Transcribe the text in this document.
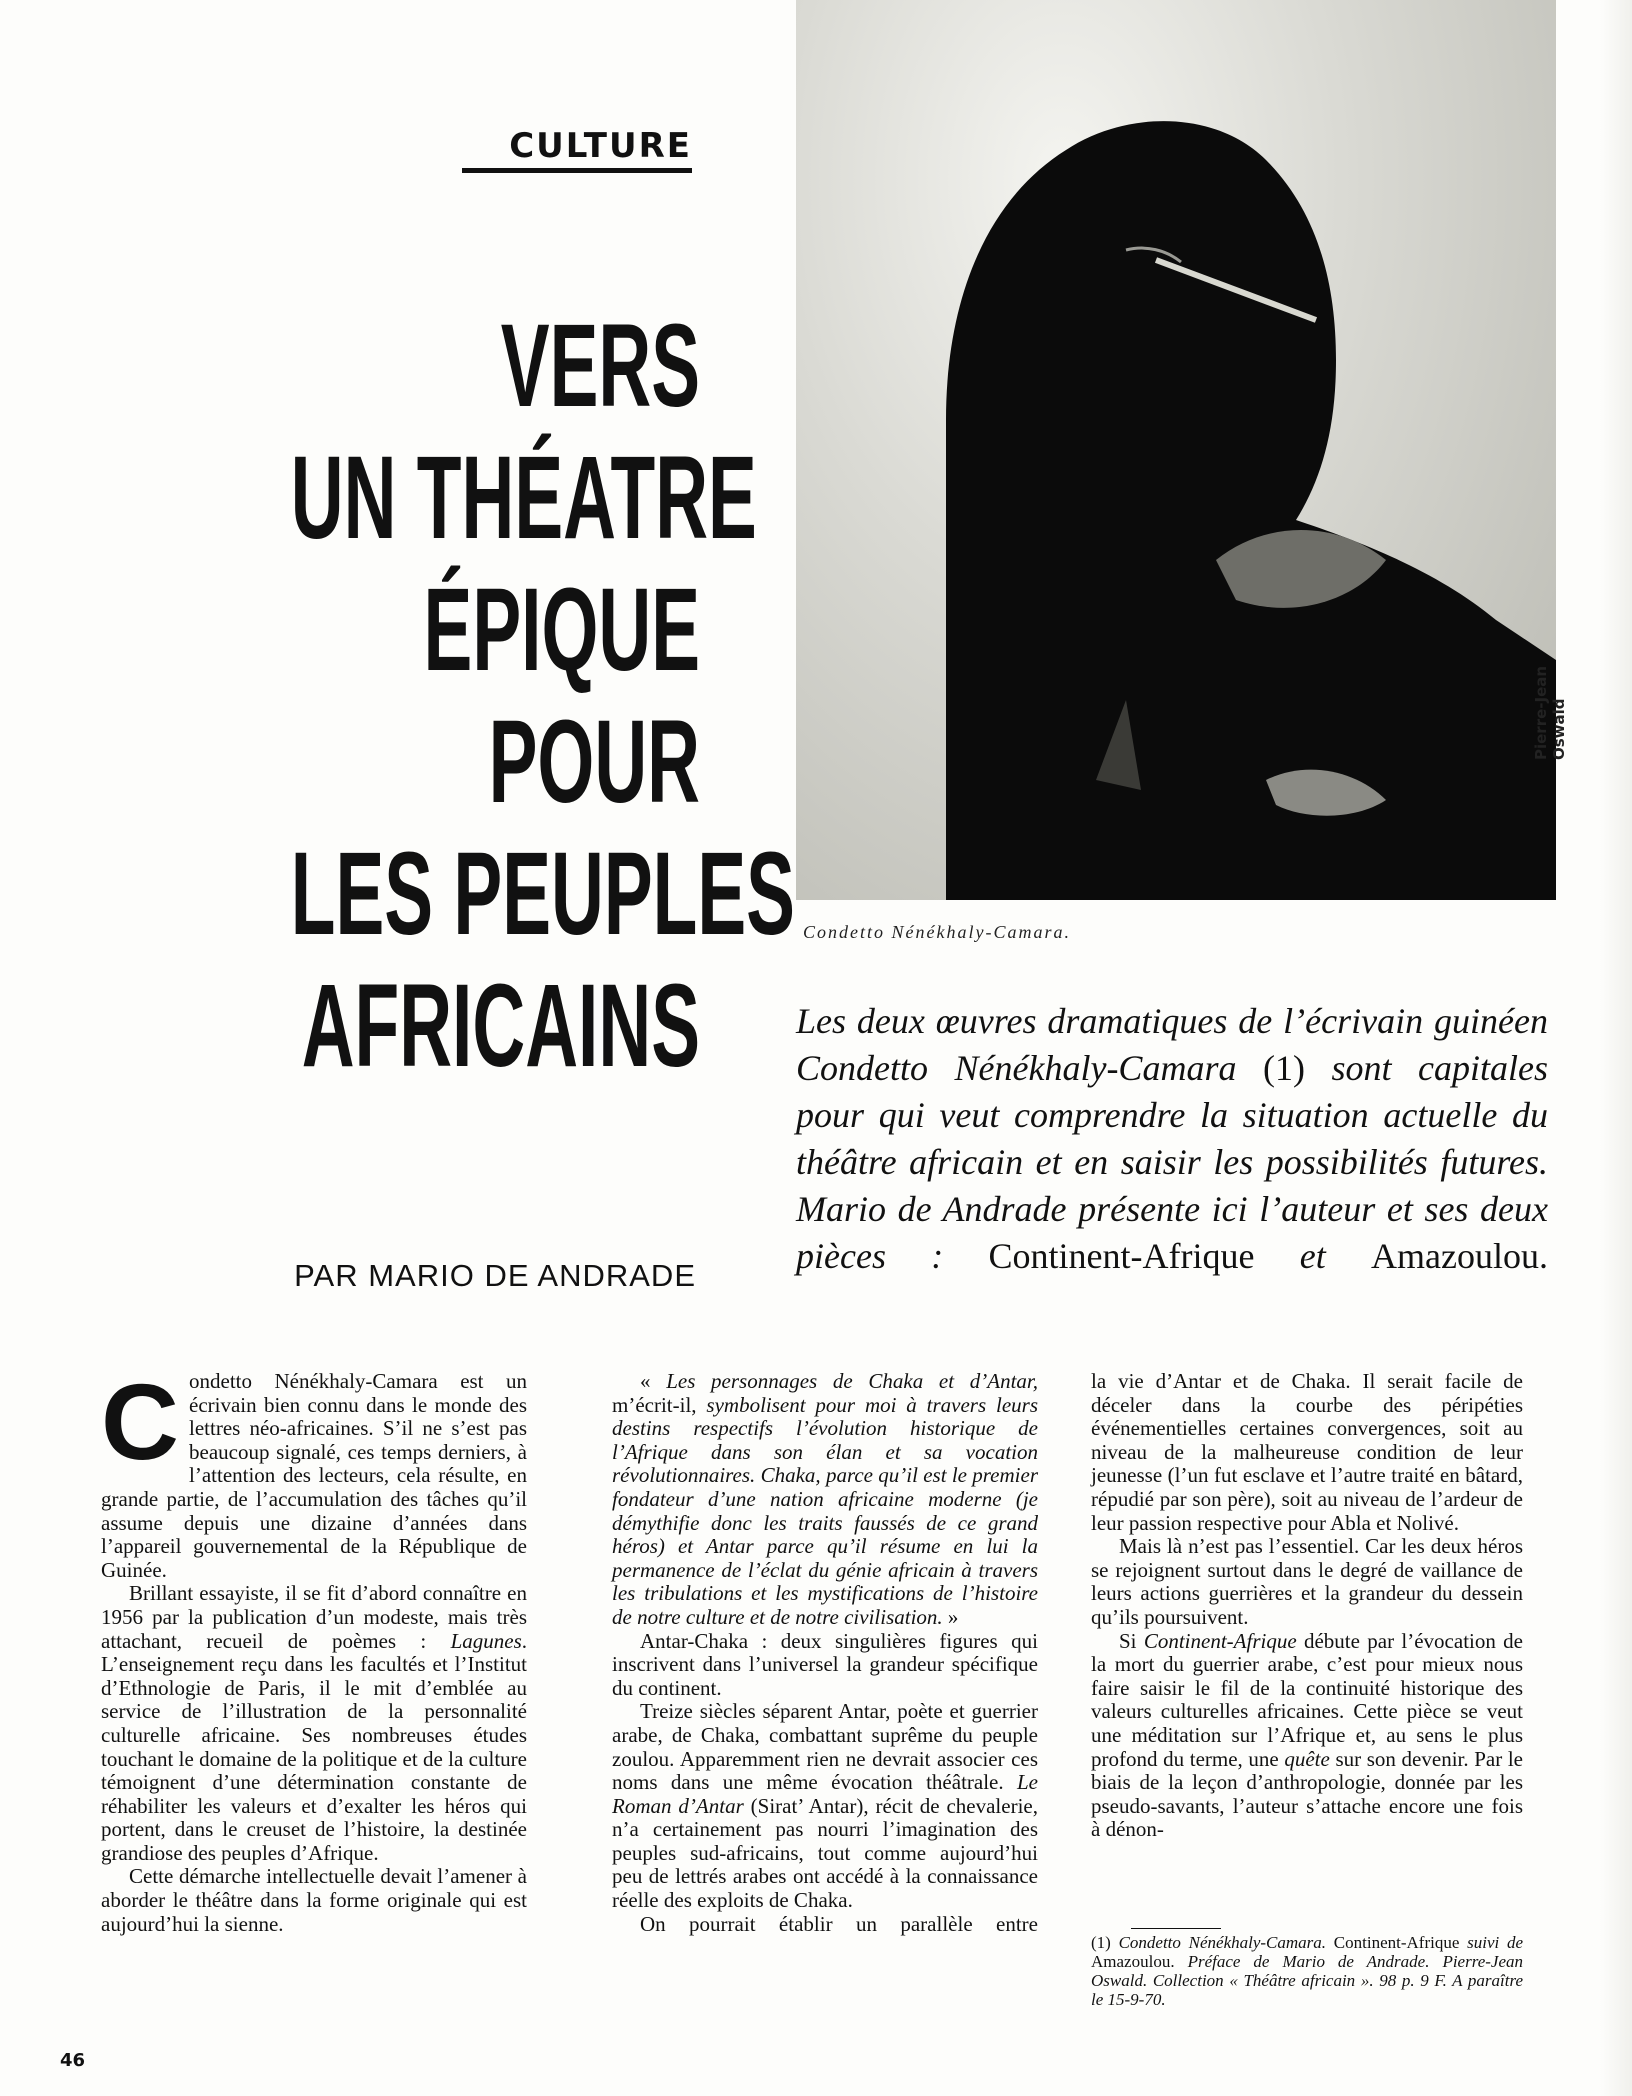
CULTURE
VERS
UN THÉATRE
ÉPIQUE
POUR
LES PEUPLES
AFRICAINS
PAR MARIO DE ANDRADE
Pierre-Jean Oswald
Condetto Nénékhaly-Camara.
Les deux œuvres dramatiques de l’écrivain guinéen Condetto Nénékhaly-Camara (1) sont capitales pour qui veut comprendre la situation actuelle du théâtre africain et en saisir les possibilités futures. Mario de Andrade présente ici l’auteur et ses deux pièces : Continent-Afrique et Amazoulou.

Condetto Nénékhaly-Camara est un écrivain bien connu dans le monde des lettres néo-africaines. S’il ne s’est pas beaucoup signalé, ces temps derniers, à l’attention des lecteurs, cela résulte, en grande partie, de l’accumulation des tâches qu’il assume depuis une dizaine d’années dans l’appareil gouvernemental de la République de Guinée.

Brillant essayiste, il se fit d’abord connaître en 1956 par la publication d’un modeste, mais très attachant, recueil de poèmes : Lagunes. L’enseignement reçu dans les facultés et l’Institut d’Ethnologie de Paris, il le mit d’emblée au service de l’illustration de la personnalité culturelle africaine. Ses nombreuses études touchant le domaine de la politique et de la culture témoignent d’une détermination constante de réhabiliter les valeurs et d’exalter les héros qui portent, dans le creuset de l’histoire, la destinée grandiose des peuples d’Afrique.

Cette démarche intellectuelle devait l’amener à aborder le théâtre dans la forme originale qui est aujourd’hui la sienne.

« Les personnages de Chaka et d’Antar, m’écrit-il, symbolisent pour moi à travers leurs destins respectifs l’évolution historique de l’Afrique dans son élan et sa vocation révolutionnaires. Chaka, parce qu’il est le premier fondateur d’une nation africaine moderne (je démythifie donc les traits faussés de ce grand héros) et Antar parce qu’il résume en lui la permanence de l’éclat du génie africain à travers les tribulations et les mystifications de l’histoire de notre culture et de notre civilisation. »

Antar-Chaka : deux singulières figures qui inscrivent dans l’universel la grandeur spécifique du continent.

Treize siècles séparent Antar, poète et guerrier arabe, de Chaka, combattant suprême du peuple zoulou. Apparemment rien ne devrait associer ces noms dans une même évocation théâtrale. Le Roman d’Antar (Sirat’ Antar), récit de chevalerie, n’a certainement pas nourri l’imagination des peuples sud-africains, tout comme aujourd’hui peu de lettrés arabes ont accédé à la connaissance réelle des exploits de Chaka.

On pourrait établir un parallèle entre

la vie d’Antar et de Chaka. Il serait facile de déceler dans la courbe des péripéties événementielles certaines convergences, soit au niveau de la malheureuse condition de leur jeunesse (l’un fut esclave et l’autre traité en bâtard, répudié par son père), soit au niveau de l’ardeur de leur passion respective pour Abla et Nolivé.

Mais là n’est pas l’essentiel. Car les deux héros se rejoignent surtout dans le degré de vaillance de leurs actions guerrières et la grandeur du dessein qu’ils poursuivent.

Si Continent-Afrique débute par l’évocation de la mort du guerrier arabe, c’est pour mieux nous faire saisir le fil de la continuité historique des valeurs culturelles africaines. Cette pièce se veut une méditation sur l’Afrique et, au sens le plus profond du terme, une quête sur son devenir. Par le biais de la leçon d’anthropologie, donnée par les pseudo-savants, l’auteur s’attache encore une fois à dénon-

(1) Condetto Nénékhaly-Camara. Continent-Afrique suivi de Amazoulou. Préface de Mario de Andrade. Pierre-Jean Oswald. Collection « Théâtre africain ». 98 p. 9 F. A paraître le 15-9-70.
46
